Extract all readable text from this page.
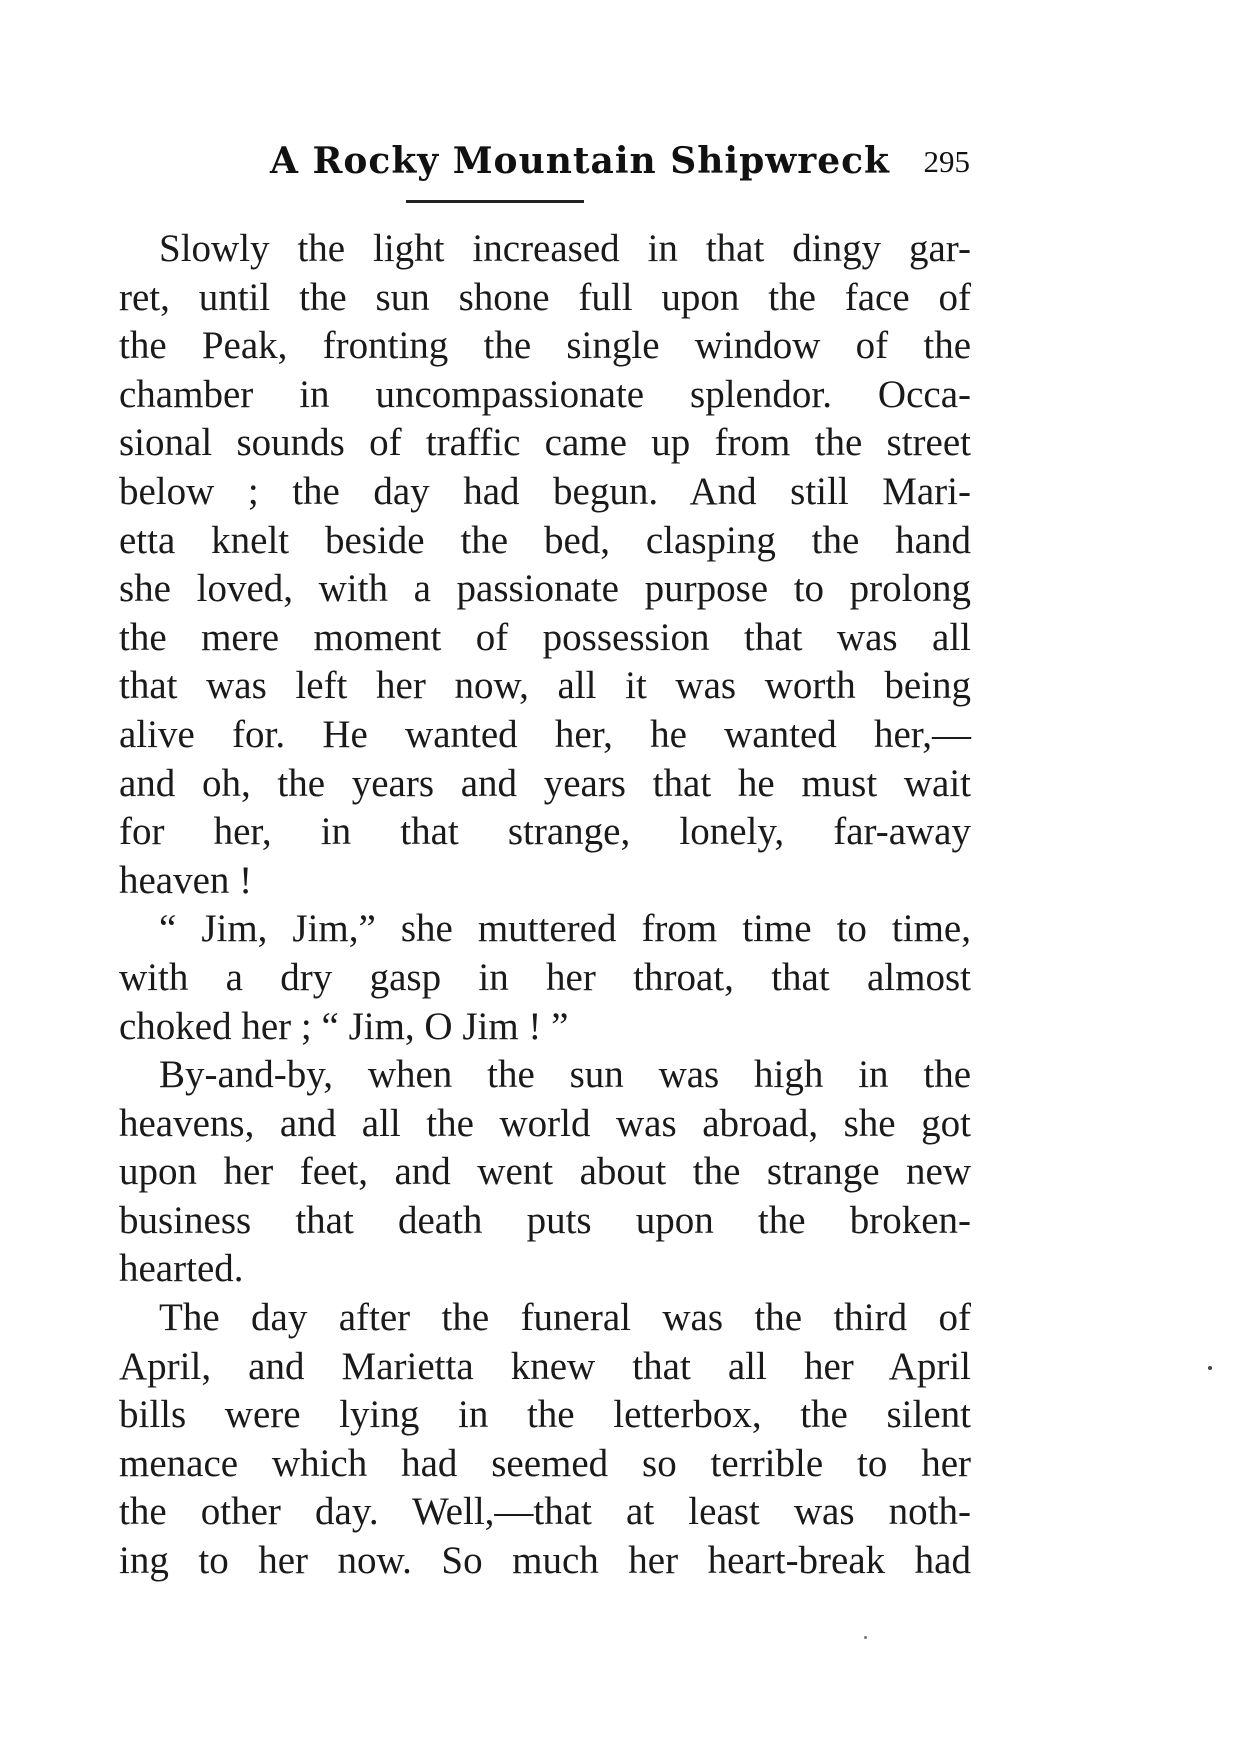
A Rocky Mountain Shipwreck 295
Slowly the light increased in that dingy gar-
ret, until the sun shone full upon the face of
the Peak, fronting the single window of the
chamber in uncompassionate splendor. Occa-
sional sounds of traffic came up from the street
below ; the day had begun. And still Mari-
etta knelt beside the bed, clasping the hand
she loved, with a passionate purpose to prolong
the mere moment of possession that was all
that was left her now, all it was worth being
alive for. He wanted her, he wanted her,—
and oh, the years and years that he must wait
for her, in that strange, lonely, far-away
heaven !
“ Jim, Jim,” she muttered from time to time,
with a dry gasp in her throat, that almost
choked her ; “ Jim, O Jim ! ”
By-and-by, when the sun was high in the
heavens, and all the world was abroad, she got
upon her feet, and went about the strange new
business that death puts upon the broken-
hearted.
The day after the funeral was the third of
April, and Marietta knew that all her April
bills were lying in the letterbox, the silent
menace which had seemed so terrible to her
the other day. Well,—that at least was noth-
ing to her now. So much her heart-break had
